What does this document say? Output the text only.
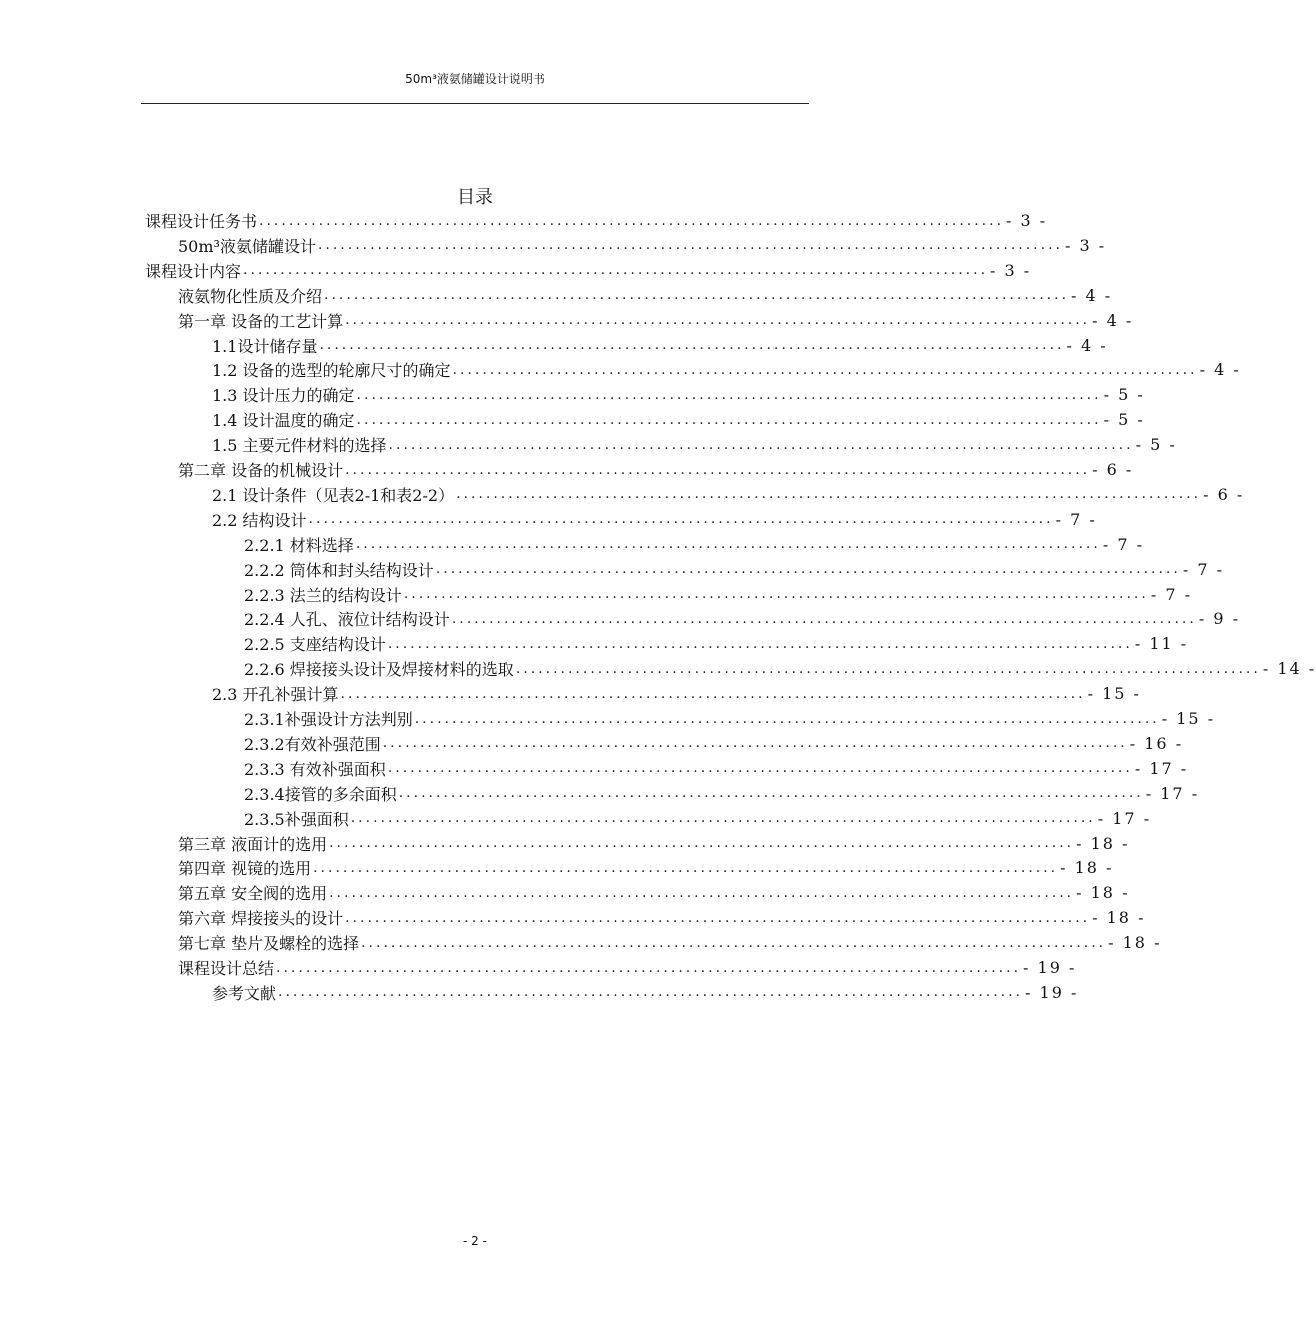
50m³液氨储罐设计说明书
目录
课程设计任务书 .................................................................................................... - 3 -
50m³液氨储罐设计 .................................................................................................... - 3 -
课程设计内容 .................................................................................................... - 3 -
液氨物化性质及介绍 .................................................................................................... - 4 -
第一章 设备的工艺计算 .................................................................................................... - 4 -
1.1设计储存量 .................................................................................................... - 4 -
1.2 设备的选型的轮廓尺寸的确定 .................................................................................................... - 4 -
1.3 设计压力的确定 .................................................................................................... - 5 -
1.4 设计温度的确定 .................................................................................................... - 5 -
1.5 主要元件材料的选择 .................................................................................................... - 5 -
第二章 设备的机械设计 .................................................................................................... - 6 -
2.1 设计条件（见表2-1和表2-2） .................................................................................................... - 6 -
2.2 结构设计 .................................................................................................... - 7 -
2.2.1 材料选择 .................................................................................................... - 7 -
2.2.2 筒体和封头结构设计 .................................................................................................... - 7 -
2.2.3 法兰的结构设计 .................................................................................................... - 7 -
2.2.4 人孔、液位计结构设计 .................................................................................................... - 9 -
2.2.5 支座结构设计 .................................................................................................... - 11 -
2.2.6 焊接接头设计及焊接材料的选取 .................................................................................................... - 14 -
2.3 开孔补强计算 .................................................................................................... - 15 -
2.3.1补强设计方法判别 .................................................................................................... - 15 -
2.3.2有效补强范围 .................................................................................................... - 16 -
2.3.3 有效补强面积 .................................................................................................... - 17 -
2.3.4接管的多余面积 .................................................................................................... - 17 -
2.3.5补强面积 .................................................................................................... - 17 -
第三章 液面计的选用 .................................................................................................... - 18 -
第四章 视镜的选用 .................................................................................................... - 18 -
第五章 安全阀的选用 .................................................................................................... - 18 -
第六章 焊接接头的设计 .................................................................................................... - 18 -
第七章 垫片及螺栓的选择 .................................................................................................... - 18 -
课程设计总结 .................................................................................................... - 19 -
参考文献 .................................................................................................... - 19 -
- 2 -
